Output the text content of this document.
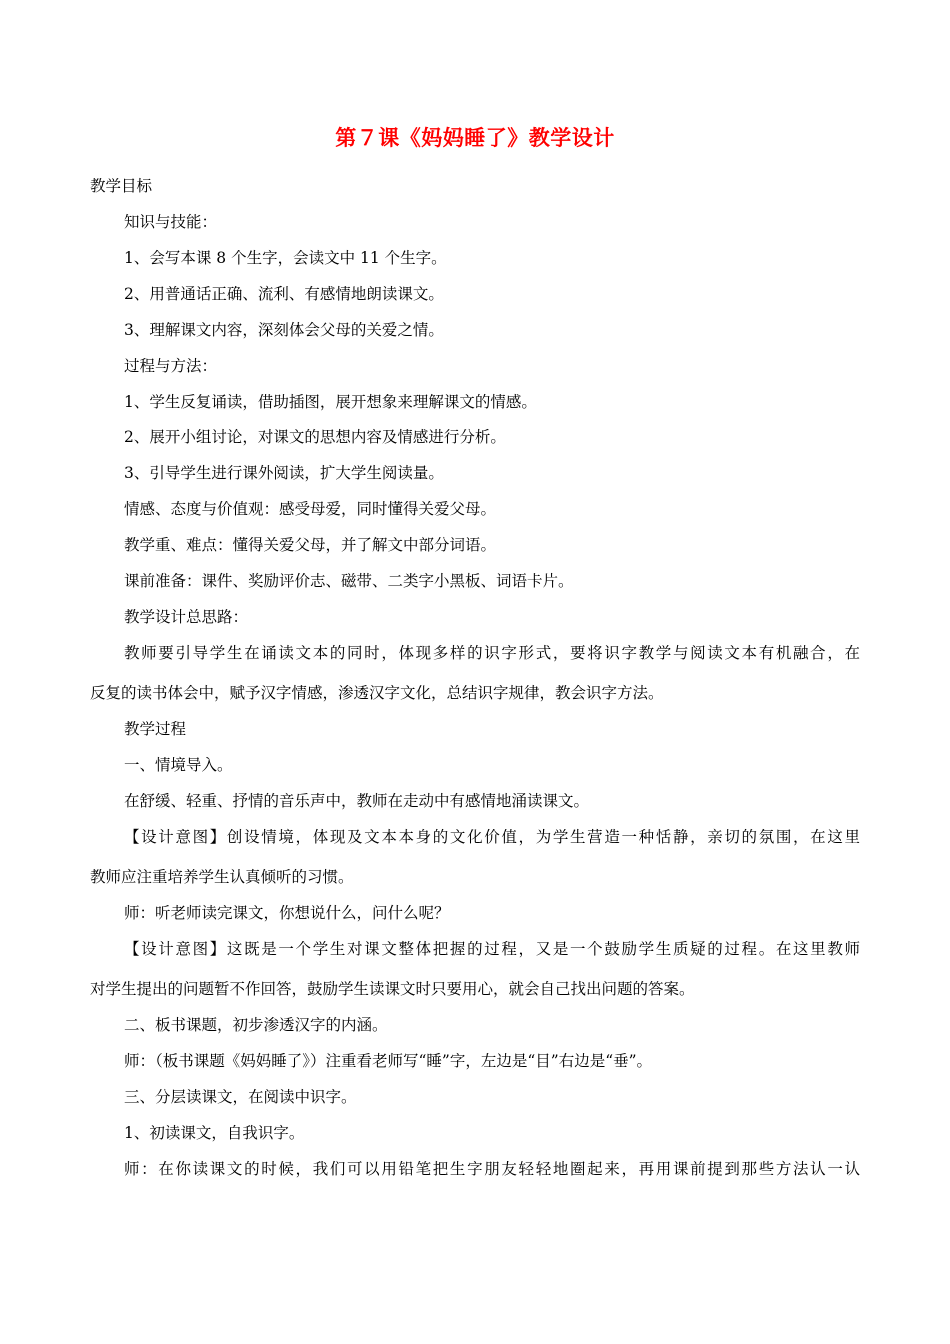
第７课《妈妈睡了》教学设计
教学目标
知识与技能：
1、会写本课 8 个生字，会读文中 11 个生字。
2、用普通话正确、流利、有感情地朗读课文。
3、理解课文内容，深刻体会父母的关爱之情。
过程与方法：
1、学生反复诵读，借助插图，展开想象来理解课文的情感。
2、展开小组讨论，对课文的思想内容及情感进行分析。
3、引导学生进行课外阅读，扩大学生阅读量。
情感、态度与价值观：感受母爱，同时懂得关爱父母。
教学重、难点：懂得关爱父母，并了解文中部分词语。
课前准备：课件、奖励评价志、磁带、二类字小黑板、词语卡片。
教学设计总思路：
教师要引导学生在诵读文本的同时，体现多样的识字形式，要将识字教学与阅读文本有机融合，在
反复的读书体会中，赋予汉字情感，渗透汉字文化，总结识字规律，教会识字方法。
教学过程
一、情境导入。
在舒缓、轻重、抒情的音乐声中，教师在走动中有感情地涌读课文。
【设计意图】创设情境，体现及文本本身的文化价值，为学生营造一种恬静，亲切的氛围，在这里
教师应注重培养学生认真倾听的习惯。
师：听老师读完课文，你想说什么，问什么呢？
【设计意图】这既是一个学生对课文整体把握的过程，又是一个鼓励学生质疑的过程。在这里教师
对学生提出的问题暂不作回答，鼓励学生读课文时只要用心，就会自己找出问题的答案。
二、板书课题，初步渗透汉字的内涵。
师：（板书课题《妈妈睡了》）注重看老师写“睡”字，左边是“目”右边是“垂”。
三、分层读课文，在阅读中识字。
1、初读课文，自我识字。
师：在你读课文的时候，我们可以用铅笔把生字朋友轻轻地圈起来，再用课前提到那些方法认一认
